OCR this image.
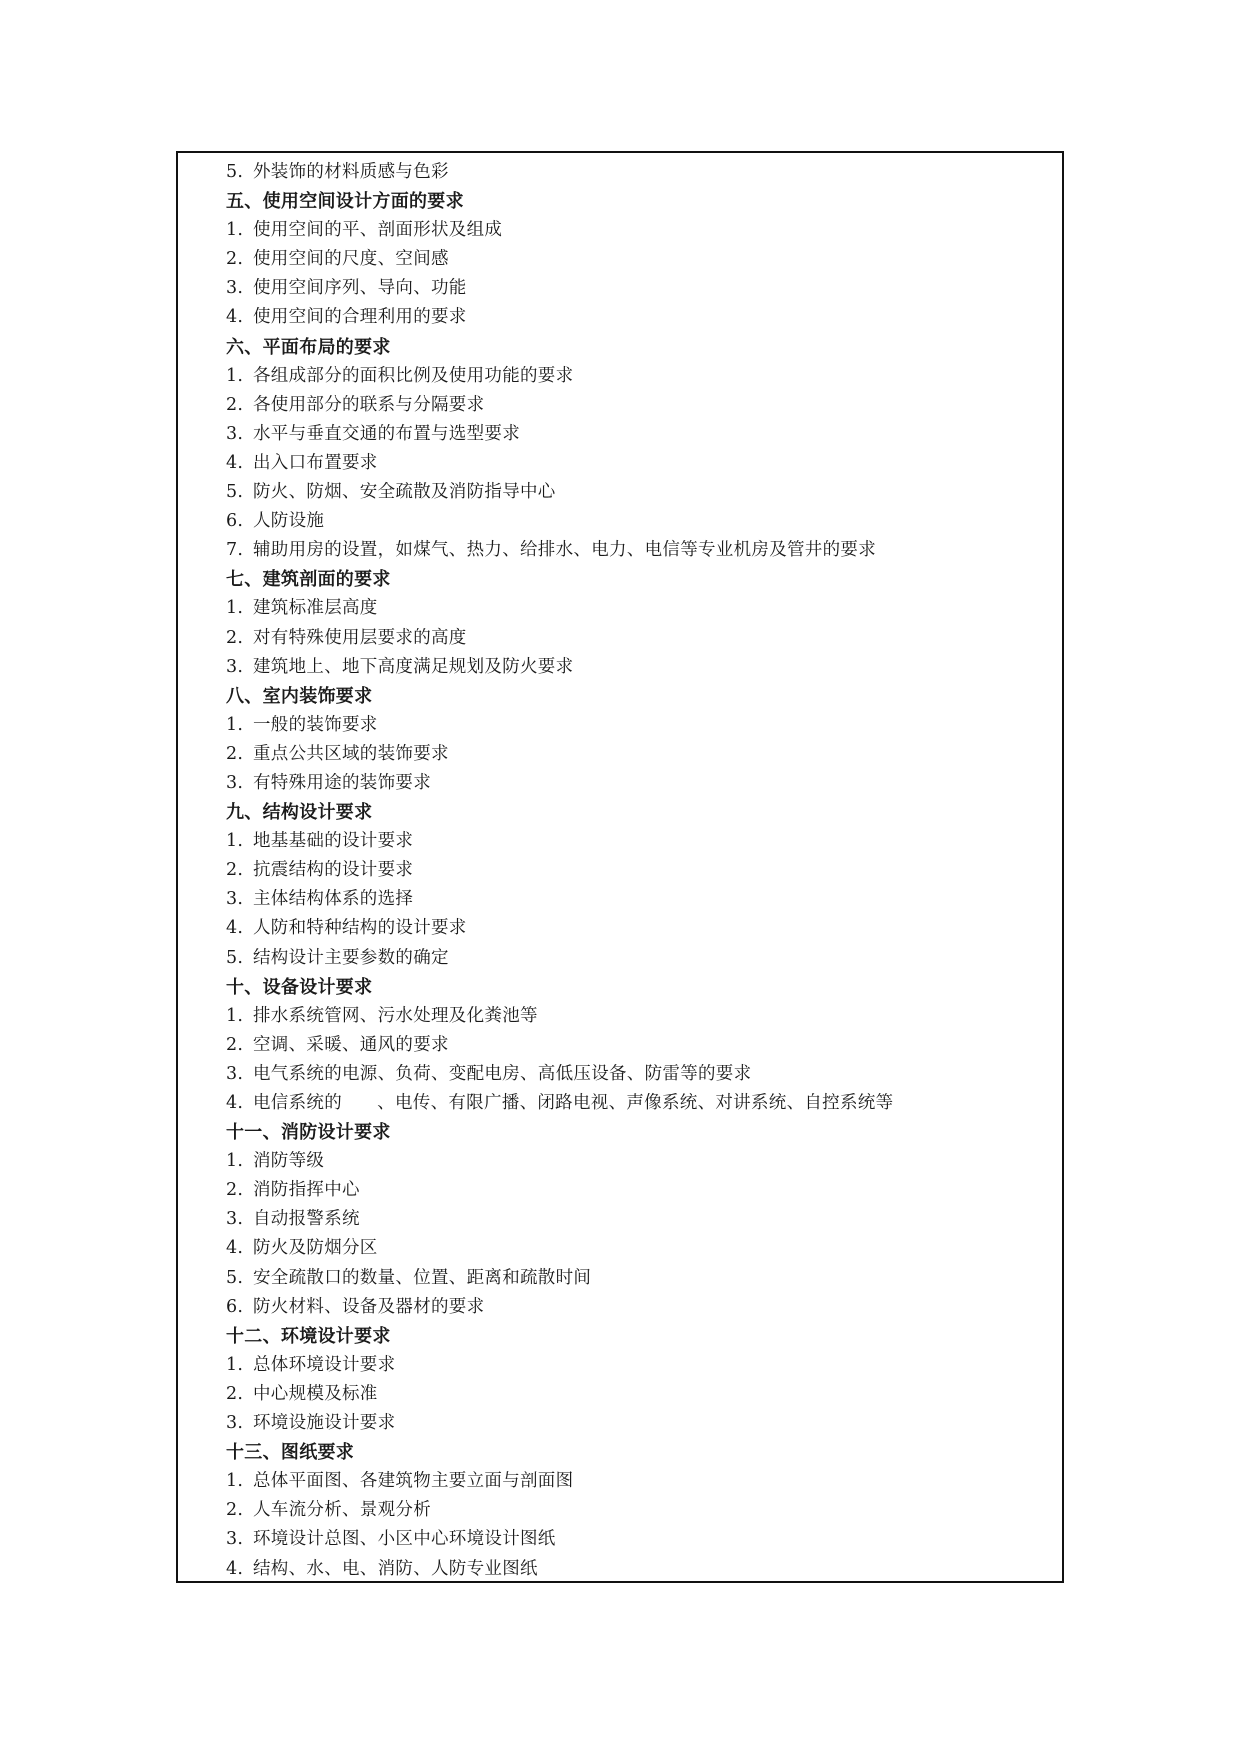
5. 外装饰的材料质感与色彩
五、使用空间设计方面的要求
1. 使用空间的平、剖面形状及组成
2. 使用空间的尺度、空间感
3. 使用空间序列、导向、功能
4. 使用空间的合理利用的要求
六、平面布局的要求
1. 各组成部分的面积比例及使用功能的要求
2. 各使用部分的联系与分隔要求
3. 水平与垂直交通的布置与选型要求
4. 出入口布置要求
5. 防火、防烟、安全疏散及消防指导中心
6. 人防设施
7. 辅助用房的设置，如煤气、热力、给排水、电力、电信等专业机房及管井的要求
七、建筑剖面的要求
1. 建筑标准层高度
2. 对有特殊使用层要求的高度
3. 建筑地上、地下高度满足规划及防火要求
八、室内装饰要求
1. 一般的装饰要求
2. 重点公共区域的装饰要求
3. 有特殊用途的装饰要求
九、结构设计要求
1. 地基基础的设计要求
2. 抗震结构的设计要求
3. 主体结构体系的选择
4. 人防和特种结构的设计要求
5. 结构设计主要参数的确定
十、设备设计要求
1. 排水系统管网、污水处理及化粪池等
2. 空调、采暖、通风的要求
3. 电气系统的电源、负荷、变配电房、高低压设备、防雷等的要求
4. 电信系统的      、电传、有限广播、闭路电视、声像系统、对讲系统、自控系统等
十一、消防设计要求
1. 消防等级
2. 消防指挥中心
3. 自动报警系统
4. 防火及防烟分区
5. 安全疏散口的数量、位置、距离和疏散时间
6. 防火材料、设备及器材的要求
十二、环境设计要求
1. 总体环境设计要求
2. 中心规模及标准
3. 环境设施设计要求
十三、图纸要求
1. 总体平面图、各建筑物主要立面与剖面图
2. 人车流分析、景观分析
3. 环境设计总图、小区中心环境设计图纸
4. 结构、水、电、消防、人防专业图纸
